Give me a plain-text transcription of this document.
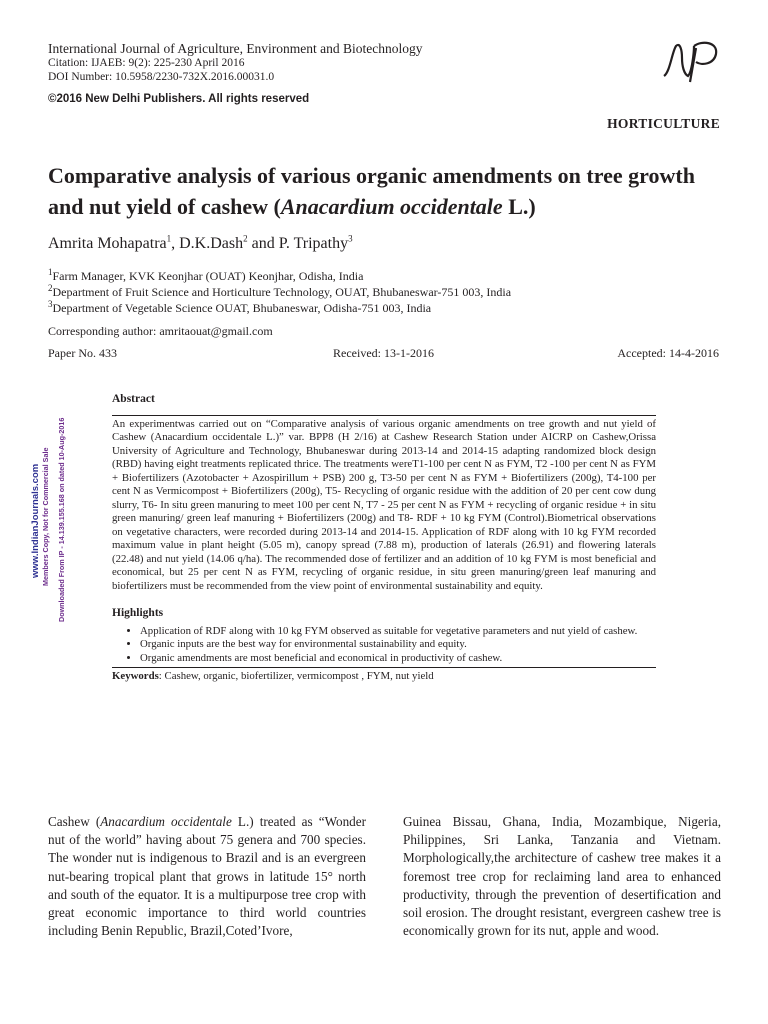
International Journal of Agriculture, Environment and Biotechnology
Citation: IJAEB: 9(2): 225-230 April 2016
DOI Number: 10.5958/2230-732X.2016.00031.0
©2016 New Delhi Publishers. All rights reserved
HORTICULTURE
Comparative analysis of various organic amendments on tree growth and nut yield of cashew (Anacardium occidentale L.)
Amrita Mohapatra$^1$, D.K.Dash$^2$ and P. Tripathy$^3$
$^1$Farm Manager, KVK Keonjhar (OUAT) Keonjhar, Odisha, India
$^2$Department of Fruit Science and Horticulture Technology, OUAT, Bhubaneswar-751 003, India
$^3$Department of Vegetable Science OUAT, Bhubaneswar, Odisha-751 003, India
Corresponding author: amritaouat@gmail.com
Paper No. 433	Received: 13-1-2016	Accepted: 14-4-2016
www.IndianJournals.com Members Copy, Not for Commercial Sale Downloaded From IP - 14.139.155.168 on dated 10-Aug-2016
Abstract

An experimentwas carried out on “Comparative analysis of various organic amendments on tree growth and nut yield of Cashew (Anacardium occidentale L.)” var. BPP8 (H 2/16) at Cashew Research Station under AICRP on Cashew,Orissa University of Agriculture and Technology, Bhubaneswar during 2013-14 and 2014-15 adapting randomized block design (RBD) having eight treatments replicated thrice. The treatments wereT1-100 per cent N as FYM, T2 -100 per cent N as FYM + Biofertilizers (Azotobacter + Azospirillum + PSB) 200 g, T3-50 per cent N as FYM + Biofertilizers (200g), T4-100 per cent N as Vermicompost + Biofertilizers (200g), T5- Recycling of organic residue with the addition of 20 per cent cow dung slurry, T6- In situ green manuring to meet 100 per cent N, T7 - 25 per cent N as FYM + recycling of organic residue + in situ green manuring/ green leaf manuring + Biofertilizers (200g) and T8- RDF + 10 kg FYM (Control).Biometrical observations on vegetative characters, were recorded during 2013-14 and 2014-15. Application of RDF along with 10 kg FYM recorded maximum value in plant height (5.05 m), canopy spread (7.88 m), production of laterals (26.91) and flowering laterals (22.48) and nut yield (14.06 q/ha). The recommended dose of fertilizer and an addition of 10 kg FYM is most beneficial and economical, but 25 per cent N as FYM, recycling of organic residue, in situ green manuring/green leaf manuring and biofertilizers must be recommended from the view point of environmental sustainability and equity.

Highlights
• Application of RDF along with 10 kg FYM observed as suitable for vegetative parameters and nut yield of cashew.
• Organic inputs are the best way for environmental sustainability and equity.
• Organic amendments are most beneficial and economical in productivity of cashew.
Keywords: Cashew, organic, biofertilizer, vermicompost , FYM, nut yield

Cashew (Anacardium occidentale L.) treated as “Wonder nut of the world” having about 75 genera and 700 species. The wonder nut is indigenous to Brazil and is an evergreen nut-bearing tropical plant that grows in latitude 15° north and south of the equator. It is a multipurpose tree crop with great economic importance to third world countries including Benin Republic, Brazil,Coted’Ivore,

Guinea Bissau, Ghana, India, Mozambique, Nigeria, Philippines, Sri Lanka, Tanzania and Vietnam. Morphologically,the architecture of cashew tree makes it a foremost tree crop for reclaiming land area to enhanced productivity, through the prevention of desertification and soil erosion. The drought resistant, evergreen cashew tree is economically grown for its nut, apple and wood.
